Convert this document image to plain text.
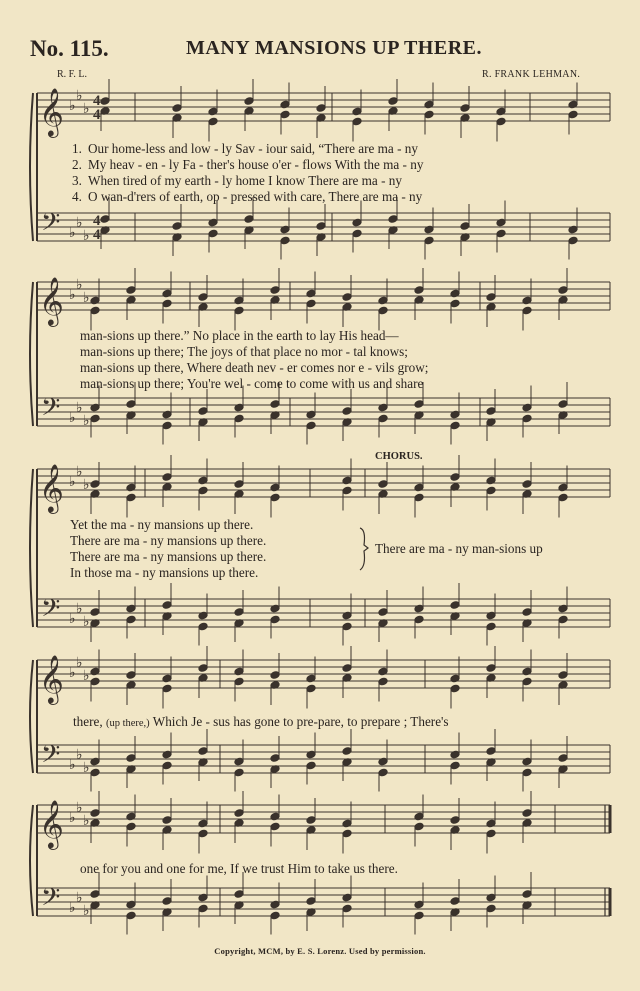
No. 115.	MANY MANSIONS UP THERE.
R. F. L.	R. FRANK LEHMAN.
𝄞
𝄢
♭
♭
♭
♭
♭
♭
4
4
4
4
𝄞
𝄢
♭
♭
♭
♭
♭
♭
𝄞
𝄢
♭
♭
♭
♭
♭
♭
𝄞
𝄢
♭
♭
♭
♭
♭
♭
𝄞
𝄢
♭
♭
♭
♭
♭
♭
1. Our home-less and low - ly Sav - iour said, “There are ma - ny
2. My heav - en - ly Fa - ther's house o'er - flows With the ma - ny
3. When tired of my earth - ly home I know There are ma - ny
4. O wan-d'rers of earth, op - pressed with care, There are ma - ny
man-sions up there.” No place in the earth to lay His head—
man-sions up there; The joys of that place no mor - tal knows;
man-sions up there, Where death nev - er comes nor e - vils grow;
man-sions up there; You're wel - come to come with us and share
CHORUS.
Yet the ma - ny mansions up there.
There are ma - ny mansions up there.
There are ma - ny mansions up there.
In those ma - ny mansions up there.
There are ma - ny man-sions up
there, (up there,) Which Je - sus has gone to pre-pare, to prepare ; There's
one for you and one for me, If we trust Him to take us there.
Copyright, MCM, by E. S. Lorenz. Used by permission.
